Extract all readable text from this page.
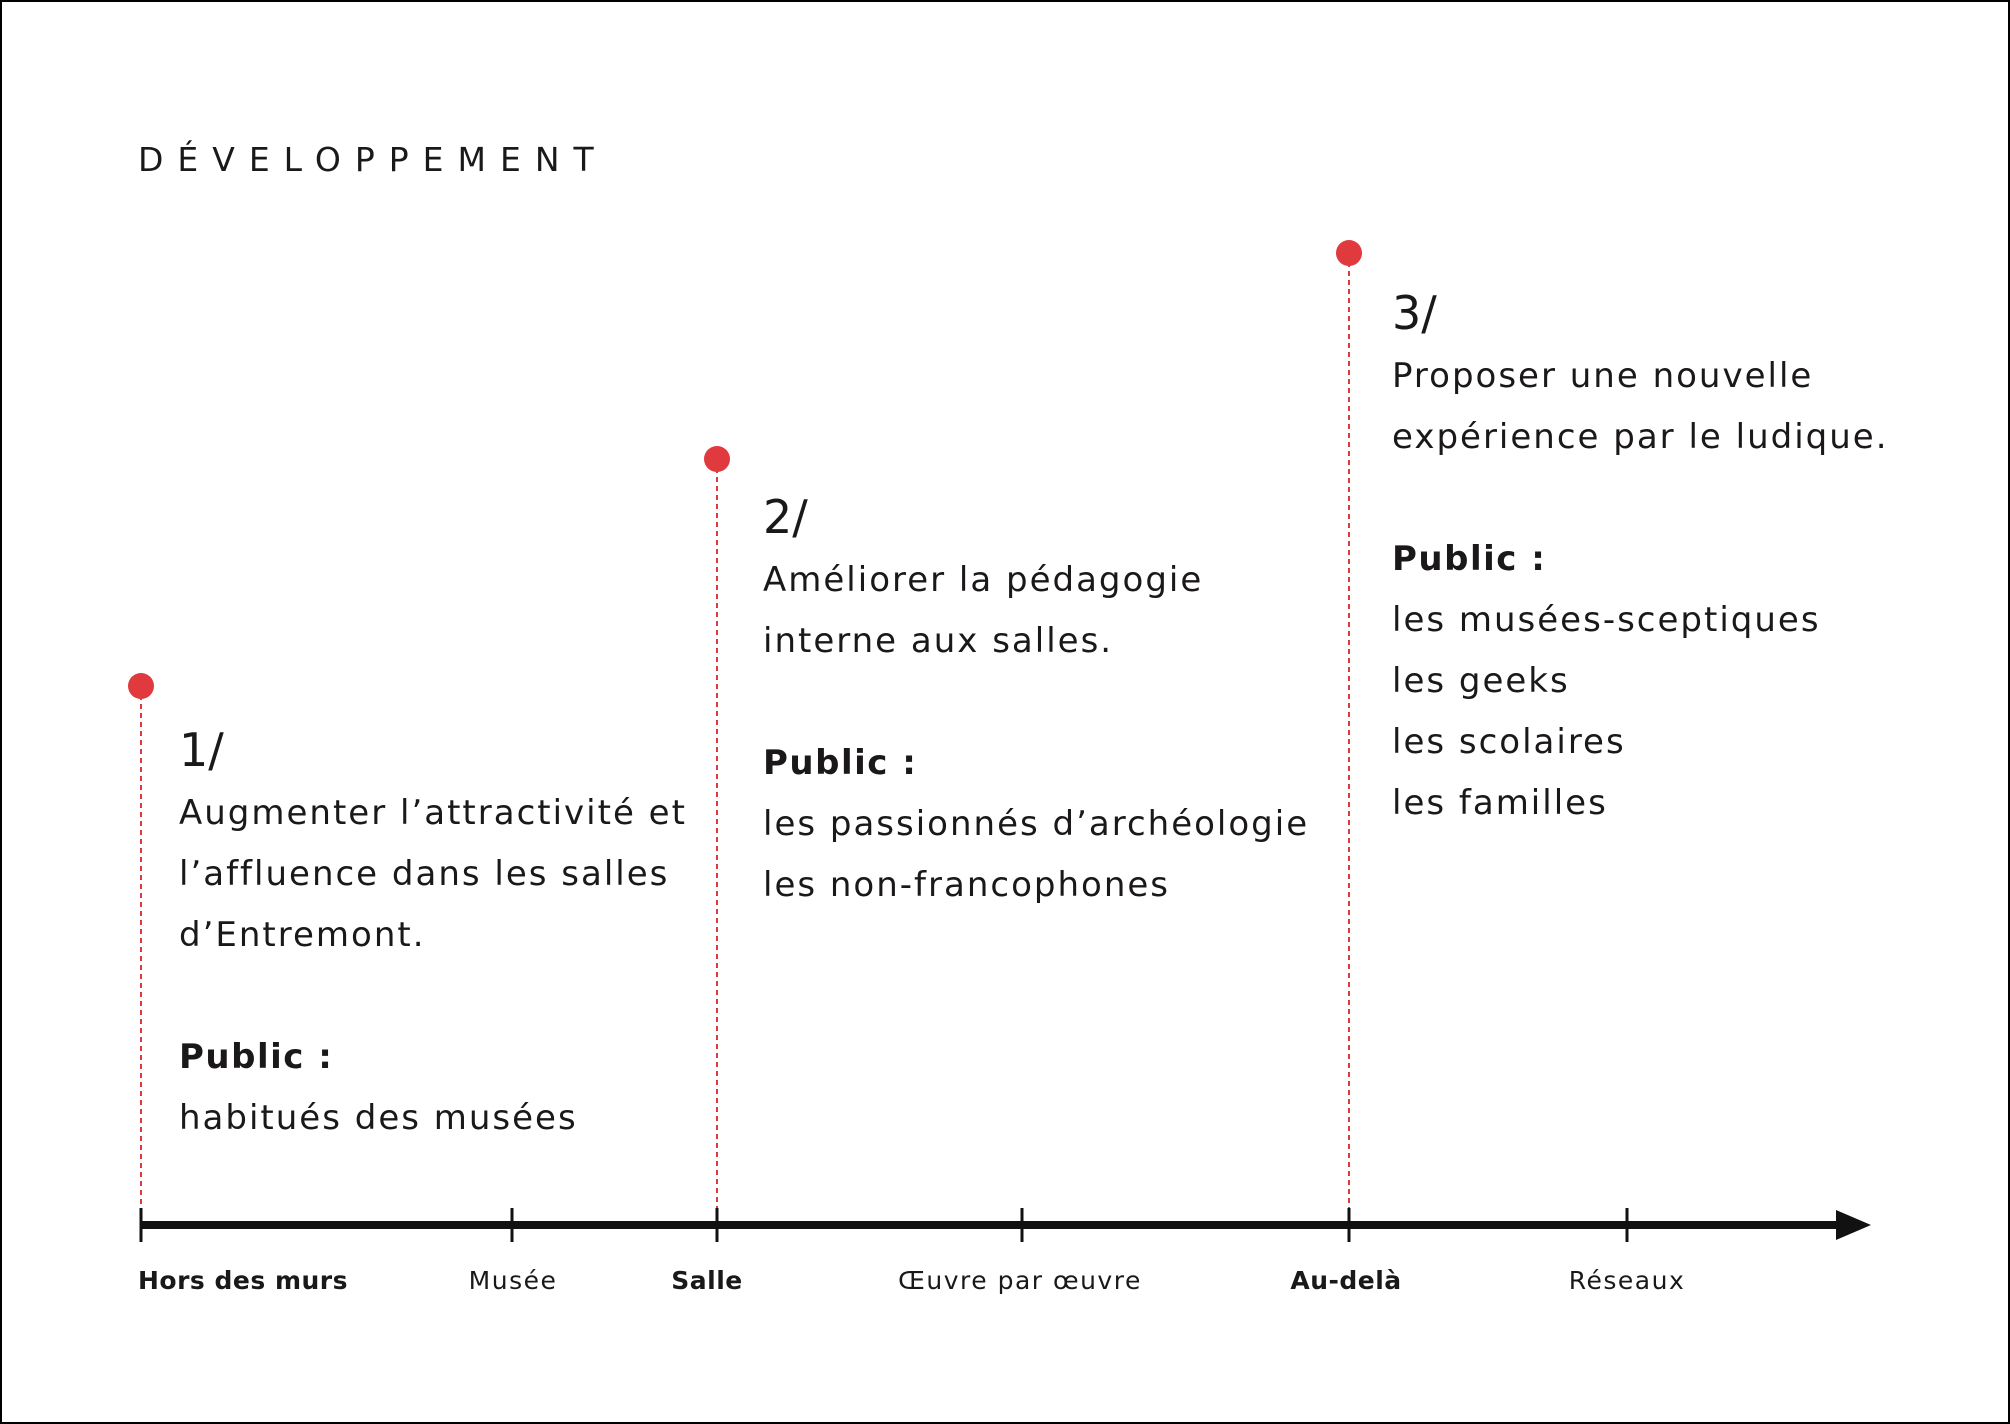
DÉVELOPPEMENT
1/
Augmenter l’attractivité et
l’affluence dans les salles
d’Entremont.
Public :
habitués des musées
2/
Améliorer la pédagogie
interne aux salles.
Public :
les passionnés d’archéologie
les non-francophones
3/
Proposer une nouvelle
expérience par le ludique.
Public :
les musées-sceptiques
les geeks
les scolaires
les familles
Hors des murs	Musée	Salle	Œuvre par œuvre	Au-delà	Réseaux
